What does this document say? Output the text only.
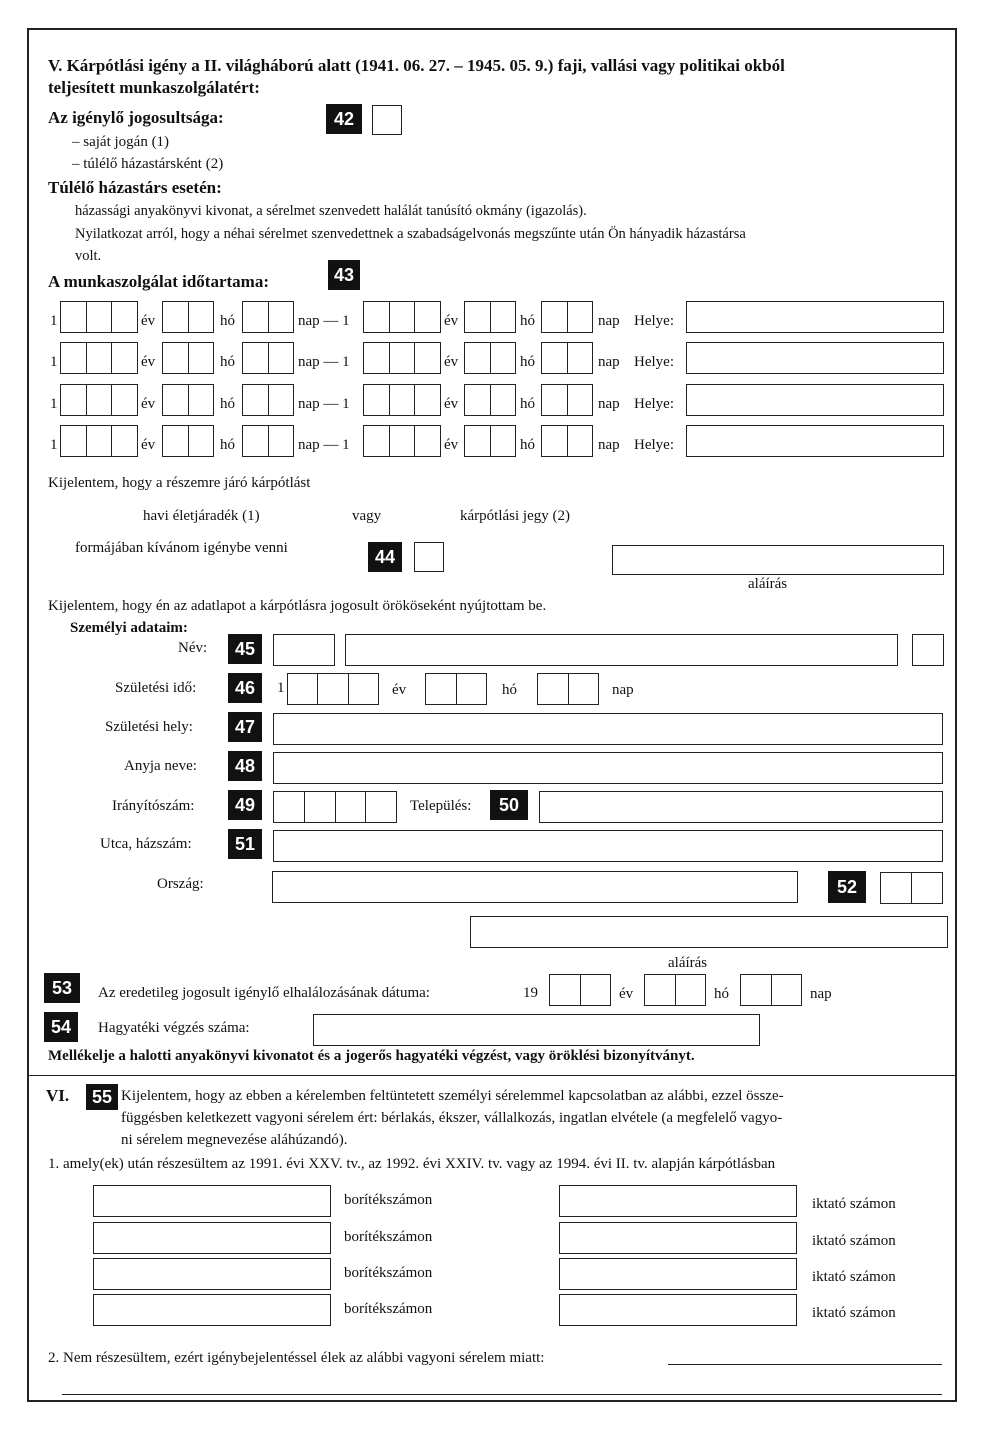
V. Kárpótlási igény a II. világháború alatt (1941. 06. 27. – 1945. 05. 9.) faji, vallási vagy politikai okból
teljesített munkaszolgálatért:
Az igénylő jogosultsága:	42
– saját jogán (1)
– túlélő házastársként (2)
Túlélő házastárs esetén:
házassági anyakönyvi kivonat, a sérelmet szenvedett halálát tanúsító okmány (igazolás).
Nyilatkozat arról, hogy a néhai sérelmet szenvedettnek a szabadságelvonás megszűnte után Ön hányadik házastársa
volt.
A munkaszolgálat időtartama:	43
1	év	hó	nap — 1	év	hó	nap Helye:
1	év	hó	nap — 1	év	hó	nap Helye:
1	év	hó	nap — 1	év	hó	nap Helye:
1	év	hó	nap — 1	év	hó	nap Helye:
Kijelentem, hogy a részemre járó kárpótlást
havi életjáradék (1)	vagy	kárpótlási jegy (2)
formájában kívánom igénybe venni	44
aláírás
Kijelentem, hogy én az adatlapot a kárpótlásra jogosult örököseként nyújtottam be.
Személyi adataim:
Név:	45
Születési idő:	46	1	év	hó	nap
Születési hely:	47
Anyja neve:	48
Irányítószám:	49	Település:	50
Utca, házszám:	51
Ország:	52
aláírás
53	Az eredetileg jogosult igénylő elhalálozásának dátuma:	19	év	hó	nap
54	Hagyatéki végzés száma:
Mellékelje a halotti anyakönyvi kivonatot és a jogerős hagyatéki végzést, vagy öröklési bizonyítványt.
VI.	55 Kijelentem, hogy az ebben a kérelemben feltüntetett személyi sérelemmel kapcsolatban az alábbi, ezzel össze-
függésben keletkezett vagyoni sérelem ért: bérlakás, ékszer, vállalkozás, ingatlan elvétele (a megfelelő vagyo-
ni sérelem megnevezése aláhúzandó).
1. amely(ek) után részesültem az 1991. évi XXV. tv., az 1992. évi XXIV. tv. vagy az 1994. évi II. tv. alapján kárpótlásban
borítékszámon	iktató számon
borítékszámon	iktató számon
borítékszámon	iktató számon
borítékszámon	iktató számon
2. Nem részesültem, ezért igénybejelentéssel élek az alábbi vagyoni sérelem miatt:
